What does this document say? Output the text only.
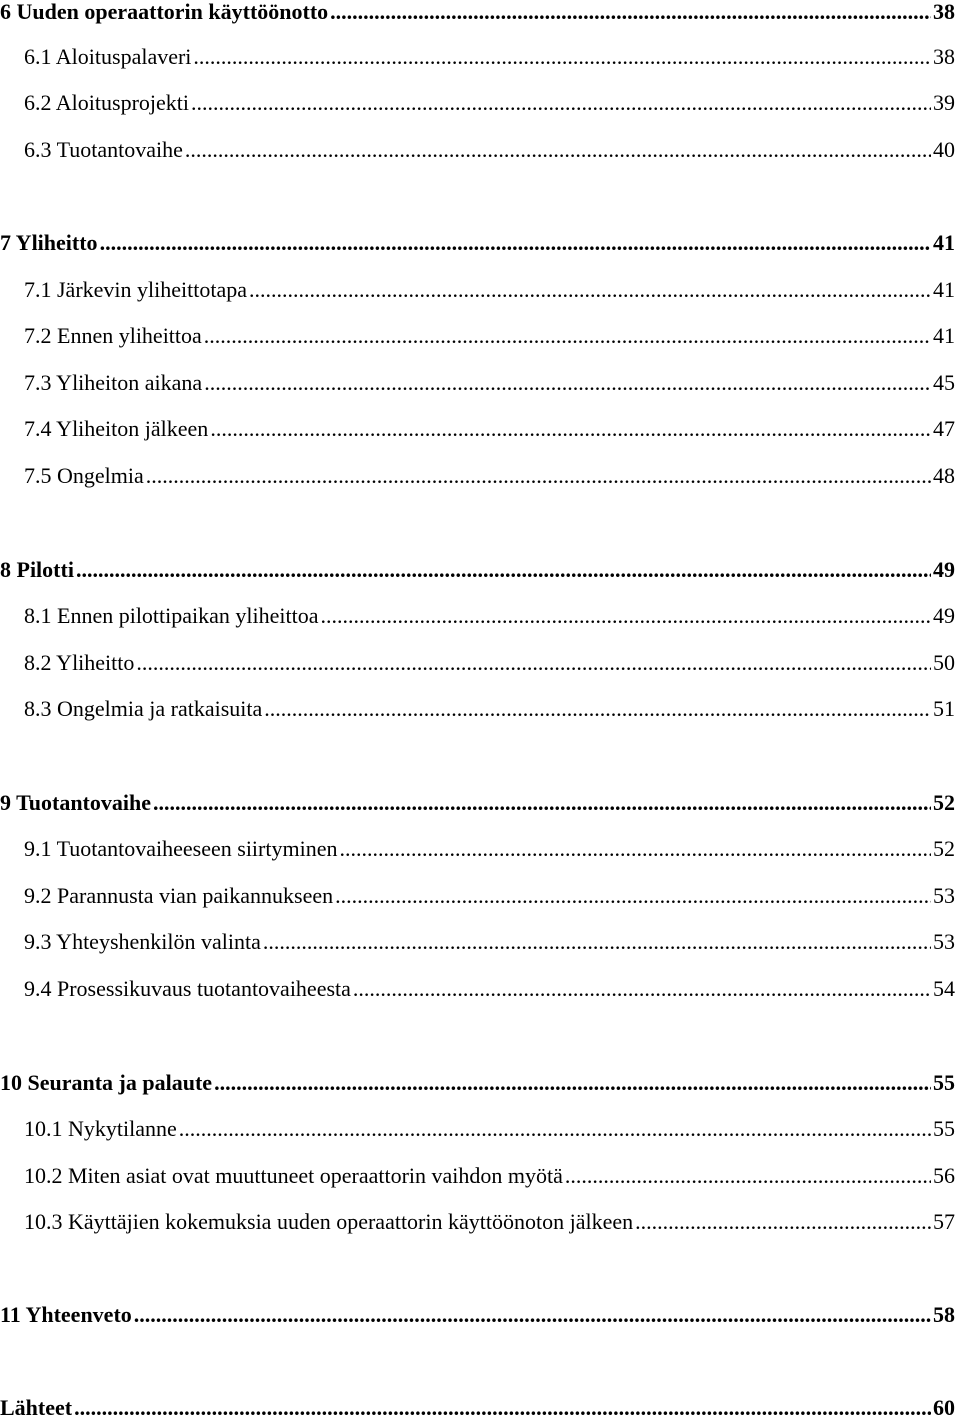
6 Uuden operaattorin käyttöönotto .....	38
6.1 Aloituspalaveri .....	38
6.2 Aloitusprojekti .....	39
6.3 Tuotantovaihe .....	40
7 Yliheitto .....	41
7.1 Järkevin yliheittotapa .....	41
7.2 Ennen yliheittoa .....	41
7.3 Yliheiton aikana .....	45
7.4 Yliheiton jälkeen .....	47
7.5 Ongelmia .....	48
8 Pilotti .....	49
8.1 Ennen pilottipaikan yliheittoa .....	49
8.2 Yliheitto .....	50
8.3 Ongelmia ja ratkaisuita .....	51
9 Tuotantovaihe .....	52
9.1 Tuotantovaiheeseen siirtyminen .....	52
9.2 Parannusta vian paikannukseen .....	53
9.3 Yhteyshenkilön valinta .....	53
9.4 Prosessikuvaus tuotantovaiheesta .....	54
10 Seuranta ja palaute .....	55
10.1 Nykytilanne .....	55
10.2 Miten asiat ovat muuttuneet operaattorin vaihdon myötä .....	56
10.3 Käyttäjien kokemuksia uuden operaattorin käyttöönoton jälkeen .....	57
11 Yhteenveto .....	58
Lähteet .....	60
